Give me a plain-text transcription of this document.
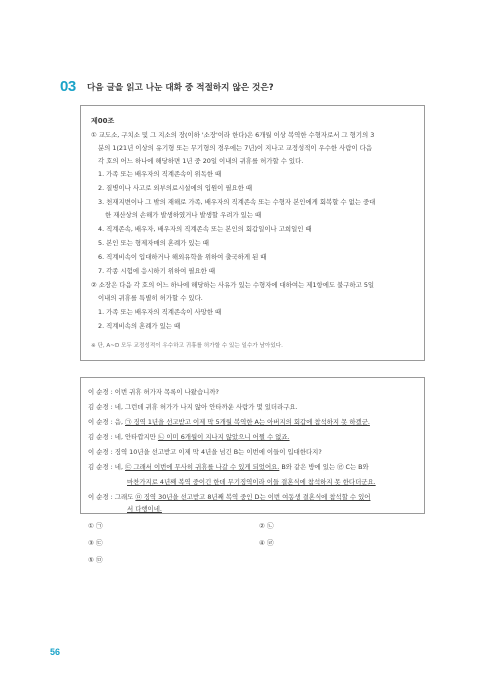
03 다음 글을 읽고 나눈 대화 중 적절하지 않은 것은?
제00조
① 교도소, 구치소 및 그 지소의 장(이하 '소장'이라 한다)은 6개월 이상 복역한 수형자로서 그 형기의 3
분의 1(21년 이상의 유기형 또는 무기형의 경우에는 7년)이 지나고 교정성적이 우수한 사람이 다음
각 호의 어느 하나에 해당하면 1년 중 20일 이내의 귀휴를 허가할 수 있다.
1. 가족 또는 배우자의 직계존속이 위독한 때
2. 질병이나 사고로 외부의료시설에의 입원이 필요한 때
3. 천재지변이나 그 밖의 재해로 가족, 배우자의 직계존속 또는 수형자 본인에게 회복할 수 없는 중대
한 재산상의 손해가 발생하였거나 발생할 우려가 있는 때
4. 직계존속, 배우자, 배우자의 직계존속 또는 본인의 회갑일이나 고희일인 때
5. 본인 또는 형제자매의 혼례가 있는 때
6. 직계비속이 입대하거나 해외유학을 위하여 출국하게 된 때
7. 각종 시험에 응시하기 위하여 필요한 때
② 소장은 다음 각 호의 어느 하나에 해당하는 사유가 있는 수형자에 대하여는 제1항에도 불구하고 5일
이내의 귀휴를 특별히 허가할 수 있다.
1. 가족 또는 배우자의 직계존속이 사망한 때
2. 직계비속의 혼례가 있는 때
※ 단, A~D 모두 교정성적이 우수하고 귀휴를 허가할 수 있는 일수가 남아있다.
이 순경 : 이번 귀휴 허가자 목록이 나왔습니까?
김 순경 : 네, 그런데 귀휴 허가가 나지 않아 안타까운 사람가 몇 있더라구요.
이 순경 : 음, ㉠ 징역 1년을 선고받고 이제 막 5개월 복역한 A는 아버지의 회갑에 참석하지 못 하겠군.
김 순경 : 네, 안타깝지만 ㉡ 이미 6개월이 지나지 않았으니 어쩔 수 없죠.
이 순경 : 징역 10년을 선고받고 이제 막 4년을 넘긴 B는 이번에 이들이 입대한다지?
김 순경 : 네, ㉢ 그래서 이번에 무사히 귀휴를 나갈 수 있게 되었어요. B와 같은 방에 있는 ㉣ C는 B와
마찬가지로 4년째 복역 중이긴 한데 무기징역이라 이들 결혼식에 참석하지 못 한다더군요.
이 순경 : 그래도 ㉤ 징역 30년을 선고받고 8년째 복역 중인 D는 이번 여동생 결혼식에 참석할 수 있어
서 다행이네.
① ㉠	② ㉡
③ ㉢	④ ㉣
⑤ ㉤
56
